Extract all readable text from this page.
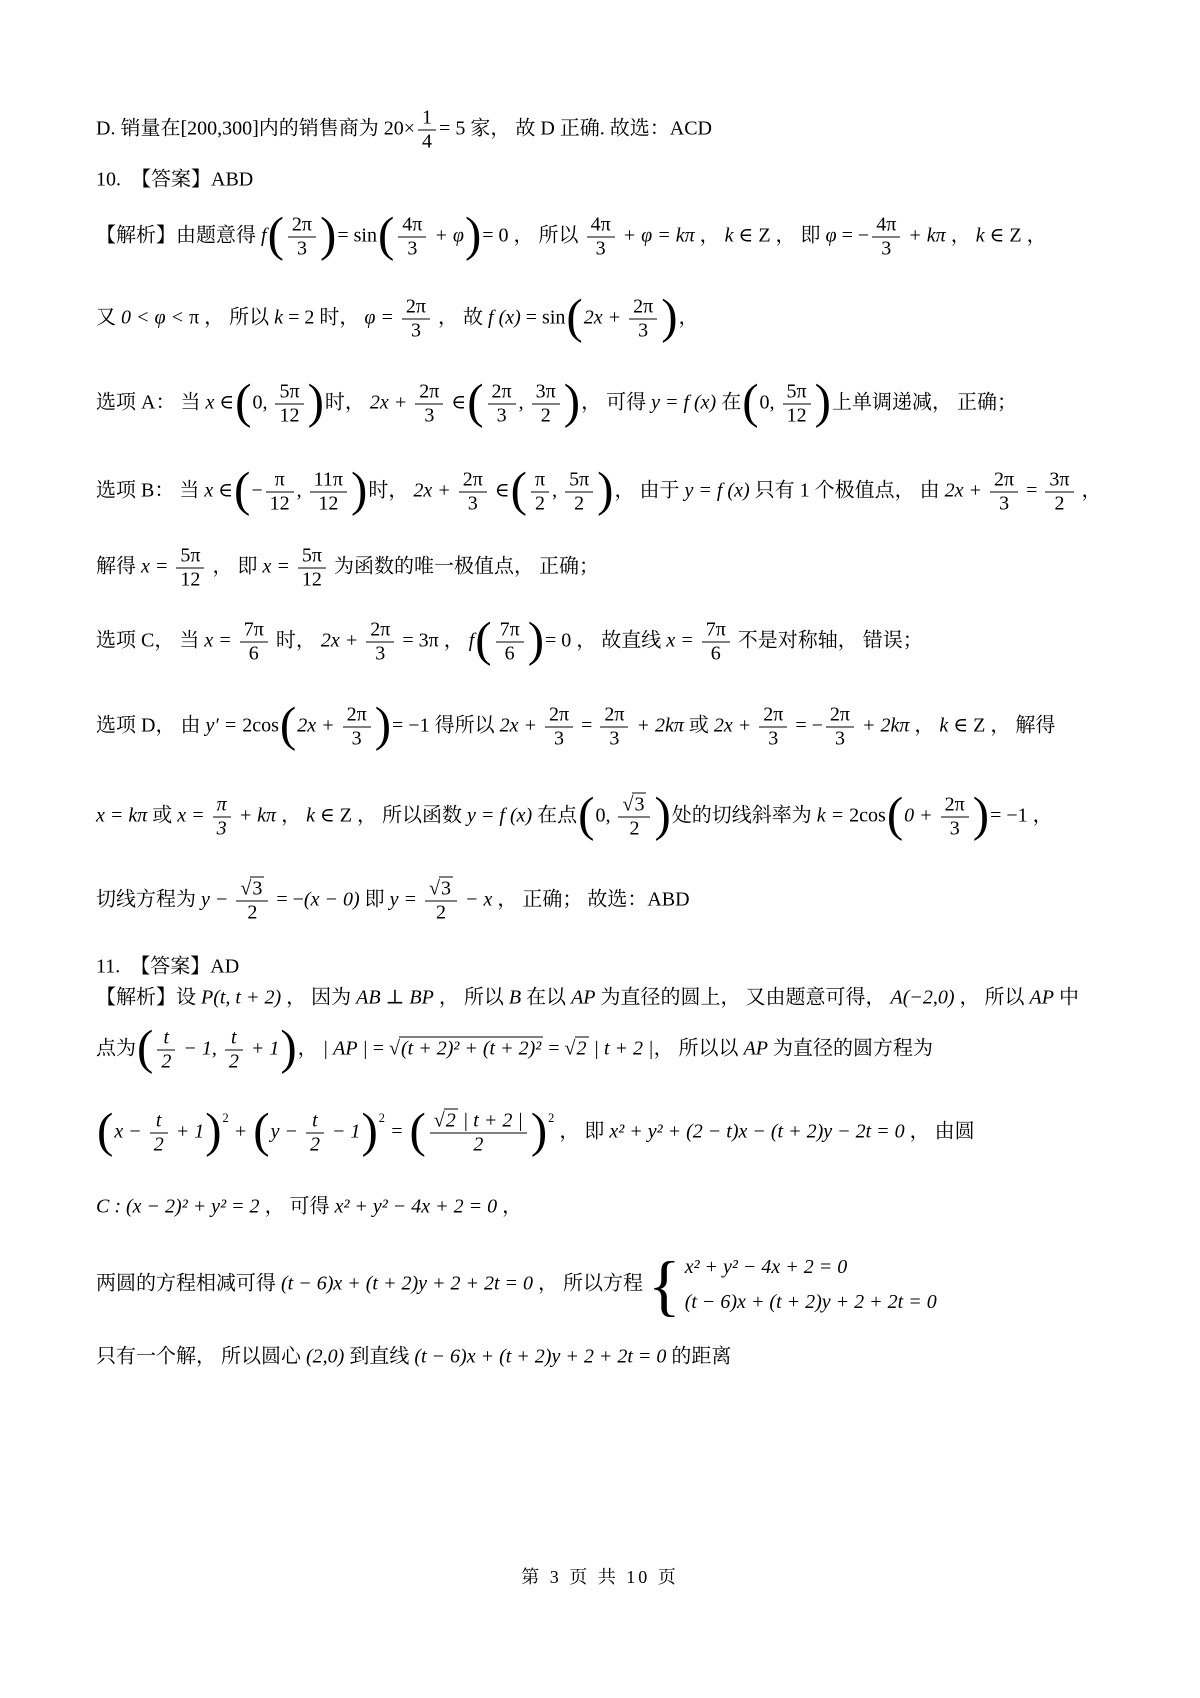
第 3 页 共 10 页
D. 销量在[200,300]内的销售商为 $20\times \frac{1}{4} = 5$ 家， 故 D 正确. 故选：ACD
10.　【答案】ABD
【解析】由题意得 $f( \frac{2\pi}{3}$ )= $\sin( \frac{4\pi}{3} + \varphi)= 0$ ， 所以 $\frac{4\pi}{3} + \varphi = k\pi$ ， k ∈ Z ， 即 φ = − $\frac{4\pi}{3} + k\pi$ ， k ∈ Z ，
又 0 < φ < π ， 所以 k = 2 时， $\varphi = \frac{2\pi}{3}$ ， 故 f $(x) = \sin(2x + \frac{2\pi}{3}$ )，
选项 A： 当 x ∈(0, $\frac{5\pi}{12}$ )时， $2x + \frac{2\pi}{3}$ ∈( $\frac{2\pi}{3}$ , $\frac{3\pi}{2}$ )， 可得 y = f (x) 在(0, $\frac{5\pi}{12}$ )上单调递减， 正确；
选项 B： 当 x ∈(− $\frac{\pi}{12}$ , $\frac{11\pi}{12}$ )时， $2x + \frac{2\pi}{3}$ ∈( $\frac{\pi}{2}$ , $\frac{5\pi}{2}$ )， 由于 y = f (x) 只有 1 个极值点， 由 $2x + \frac{2\pi}{3} = \frac{3\pi}{2}$ ，
解得 $x = \frac{5\pi}{12}$ ， 即 $x = \frac{5\pi}{12}$ 为函数的唯一极值点， 正确；
选项 C， 当 $x = \frac{7\pi}{6}$ 时， $2x + \frac{2\pi}{3} = 3\pi$ ， $f( \frac{7\pi}{6}$ )= 0 ， 故直线 $x = \frac{7\pi}{6}$ 不是对称轴， 错误；
选项 D， 由 $y' = 2\cos(2x + \frac{2\pi}{3}$ )= −1 得所以 $2x + \frac{2\pi}{3} = \frac{2\pi}{3} + 2k\pi$ 或 $2x + \frac{2\pi}{3}$ = − $\frac{2\pi}{3} + 2k\pi$ ， k ∈ Z ， 解得
x = kπ 或 $x = \frac{\pi}{3} + k\pi$ ， k ∈ Z ， 所以函数 y = f (x) 在点(0, $\frac{√ 3}{2}$ )处的切线斜率为 $k = 2\cos(0 + \frac{2\pi}{3}$ )= −1 ，
切线方程为 $y - \frac{√ 3}{2} = -(x - 0)$ 即 $y = \frac{√ 3}{2} - x$ ， 正确； 故选：ABD
11.　【答案】AD
【解析】设 P(t, t + 2) ， 因为 AB ⊥ BP ， 所以 B 在以 AP 为直径的圆上， 又由题意可得， A(−2,0) ， 所以 AP 中
点为( $\frac{t}{2} - 1$, $\frac{t}{2} + 1$)， | AP | = √ (t + 2)² + (t + 2)² = √ 2 | t + 2 |， 所以以 AP 为直径的圆方程为
$(x - \frac{t}{2} + 1)^2 + (y - \frac{t}{2} - 1)^2$ = ( $\frac{√ 2 | t + 2 |}{2} )^2$ ， 即 x² + y² + (2 − t)x − (t + 2)y − 2t = 0 ， 由圆
C : (x − 2)² + y² = 2 ， 可得 x² + y² − 4x + 2 = 0 ，
两圆的方程相减可得 (t − 6)x + (t + 2)y + 2 + 2t = 0 ， 所以方程 { x² + y² − 4x + 2 = 0
(t − 6)x + (t + 2)y + 2 + 2t = 0
只有一个解， 所以圆心 (2,0) 到直线 (t − 6)x + (t + 2)y + 2 + 2t = 0 的距离
